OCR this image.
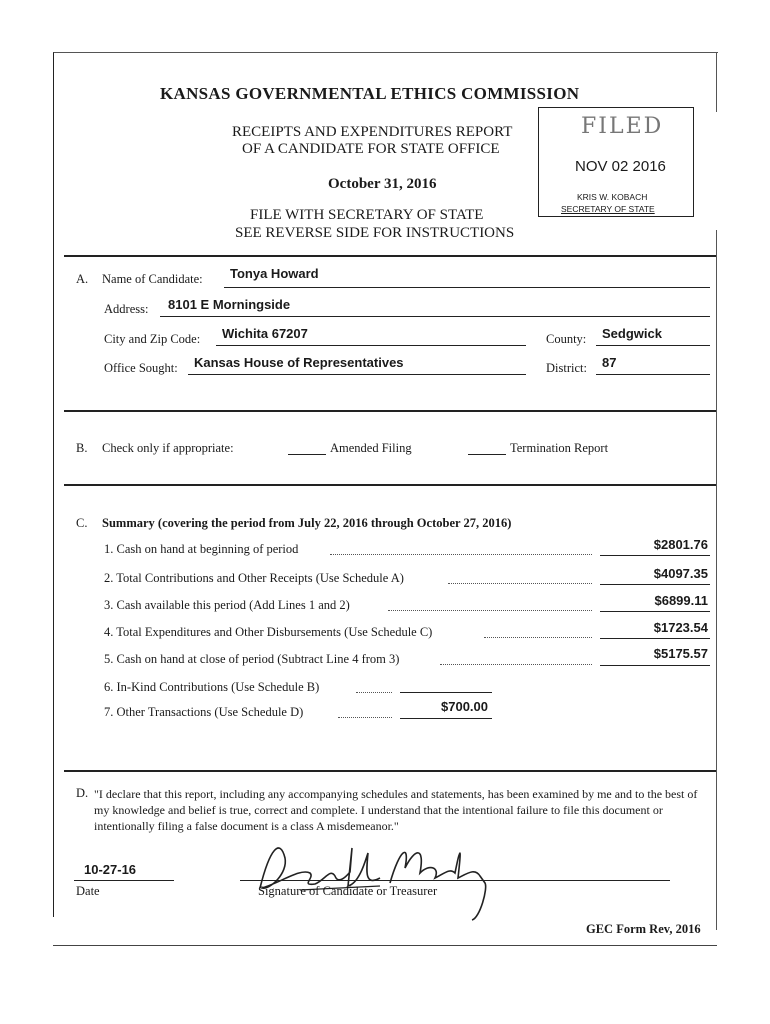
KANSAS GOVERNMENTAL ETHICS COMMISSION
RECEIPTS AND EXPENDITURES REPORT
OF A CANDIDATE FOR STATE OFFICE
October 31, 2016
FILE WITH SECRETARY OF STATE
SEE REVERSE SIDE FOR INSTRUCTIONS
FILED
NOV 02 2016
KRIS W. KOBACH
SECRETARY OF STATE
A. Name of Candidate: Tonya Howard
Address: 8101 E Morningside
City and Zip Code: Wichita 67207	County: Sedgwick
Office Sought: Kansas House of Representatives	District: 87
B. Check only if appropriate:	Amended Filing	Termination Report
C. Summary (covering the period from July 22, 2016 through October 27, 2016)
1. Cash on hand at beginning of period	$2801.76
2. Total Contributions and Other Receipts (Use Schedule A)	$4097.35
3. Cash available this period (Add Lines 1 and 2)	$6899.11
4. Total Expenditures and Other Disbursements (Use Schedule C)	$1723.54
5. Cash on hand at close of period (Subtract Line 4 from 3)	$5175.57
6. In-Kind Contributions (Use Schedule B)
7. Other Transactions (Use Schedule D)	$700.00
D. "I declare that this report, including any accompanying schedules and statements, has been examined by me and to the best of my knowledge and belief is true, correct and complete. I understand that the intentional failure to file this document or intentionally filing a false document is a class A misdemeanor."
10-27-16
Date	Signature of Candidate or Treasurer
GEC Form Rev, 2016
